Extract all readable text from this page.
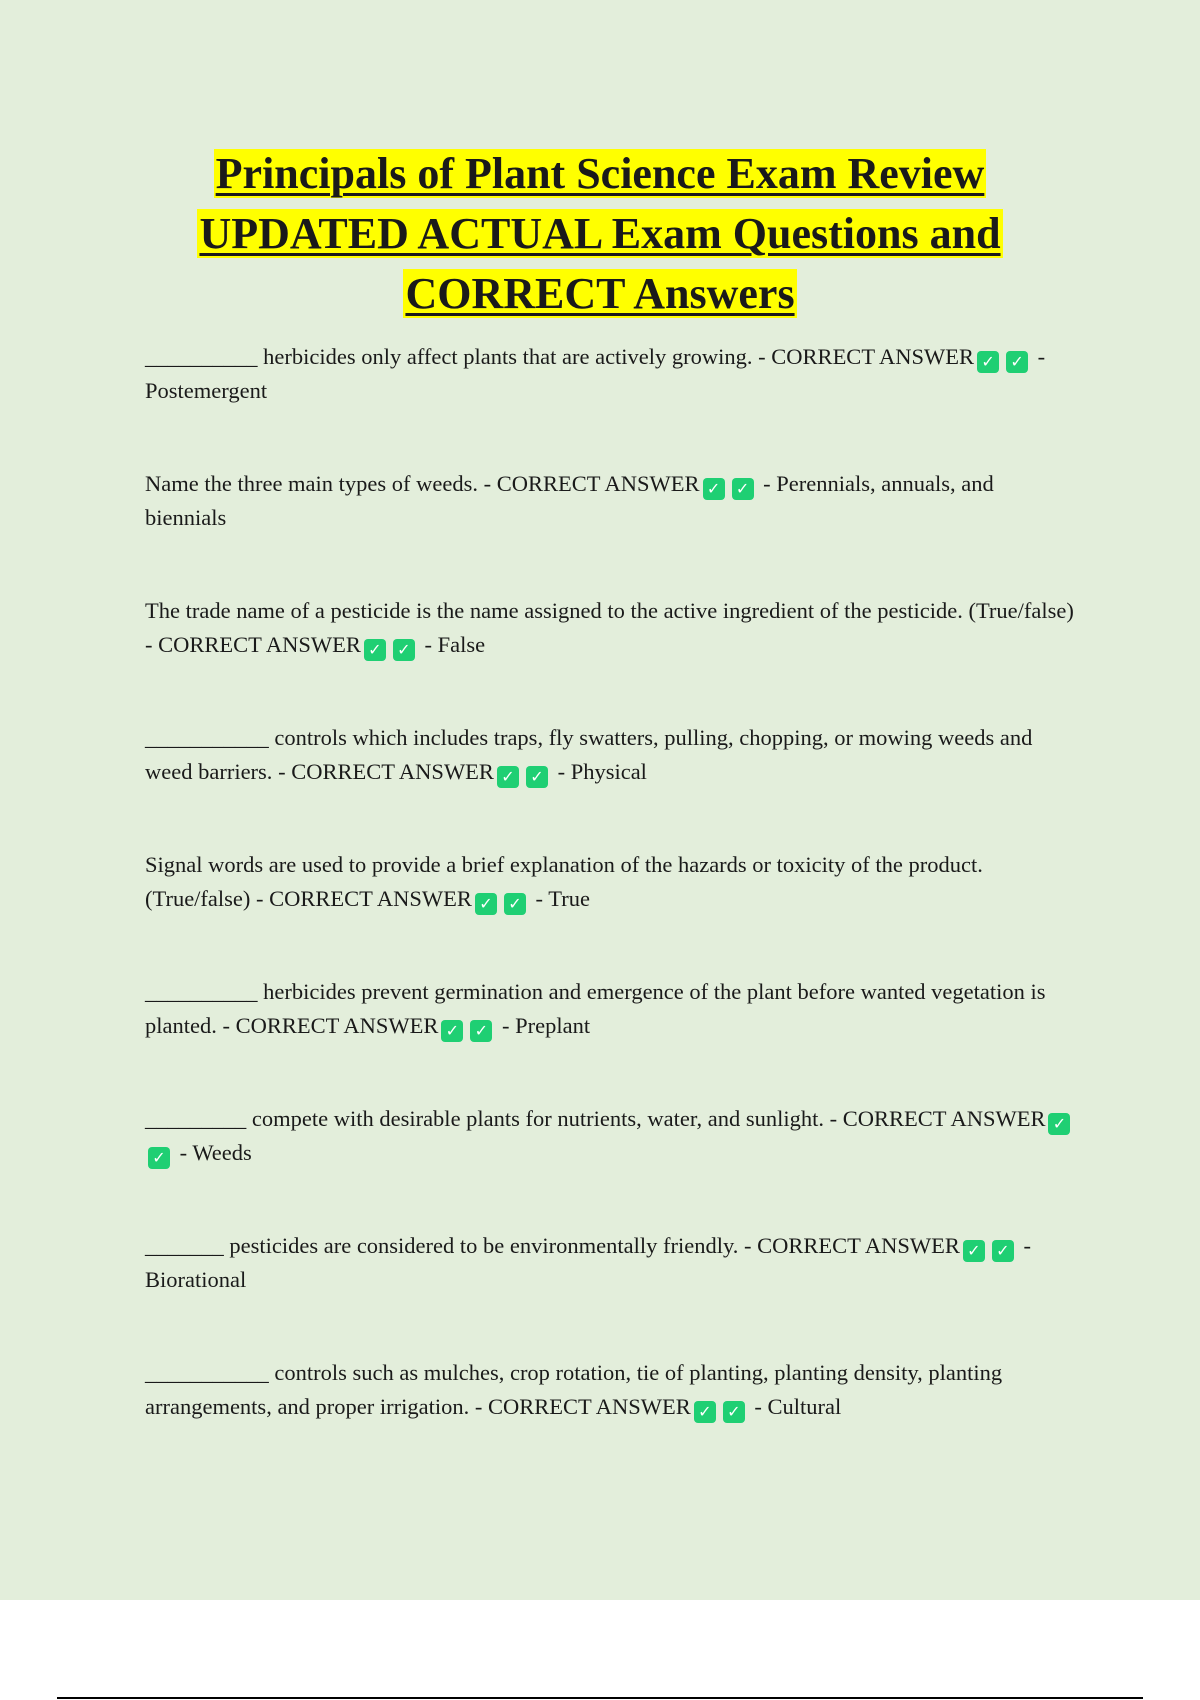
Principals of Plant Science Exam Review
UPDATED ACTUAL Exam Questions and
CORRECT Answers

__________ herbicides only affect plants that are actively growing. - CORRECT ANSWER ✓ ✓ - Postemergent

Name the three main types of weeds. - CORRECT ANSWER ✓ ✓ - Perennials, annuals, and biennials

The trade name of a pesticide is the name assigned to the active ingredient of the pesticide. (True/false) - CORRECT ANSWER ✓ ✓ - False

___________ controls which includes traps, fly swatters, pulling, chopping, or mowing weeds and weed barriers. - CORRECT ANSWER ✓ ✓ - Physical

Signal words are used to provide a brief explanation of the hazards or toxicity of the product. (True/false) - CORRECT ANSWER ✓ ✓ - True

__________ herbicides prevent germination and emergence of the plant before wanted vegetation is planted. - CORRECT ANSWER ✓ ✓ - Preplant

_________ compete with desirable plants for nutrients, water, and sunlight. - CORRECT ANSWER ✓✓ - Weeds

_______ pesticides are considered to be environmentally friendly. - CORRECT ANSWER ✓ ✓ - Biorational

___________ controls such as mulches, crop rotation, tie of planting, planting density, planting arrangements, and proper irrigation. - CORRECT ANSWER ✓ ✓ - Cultural
